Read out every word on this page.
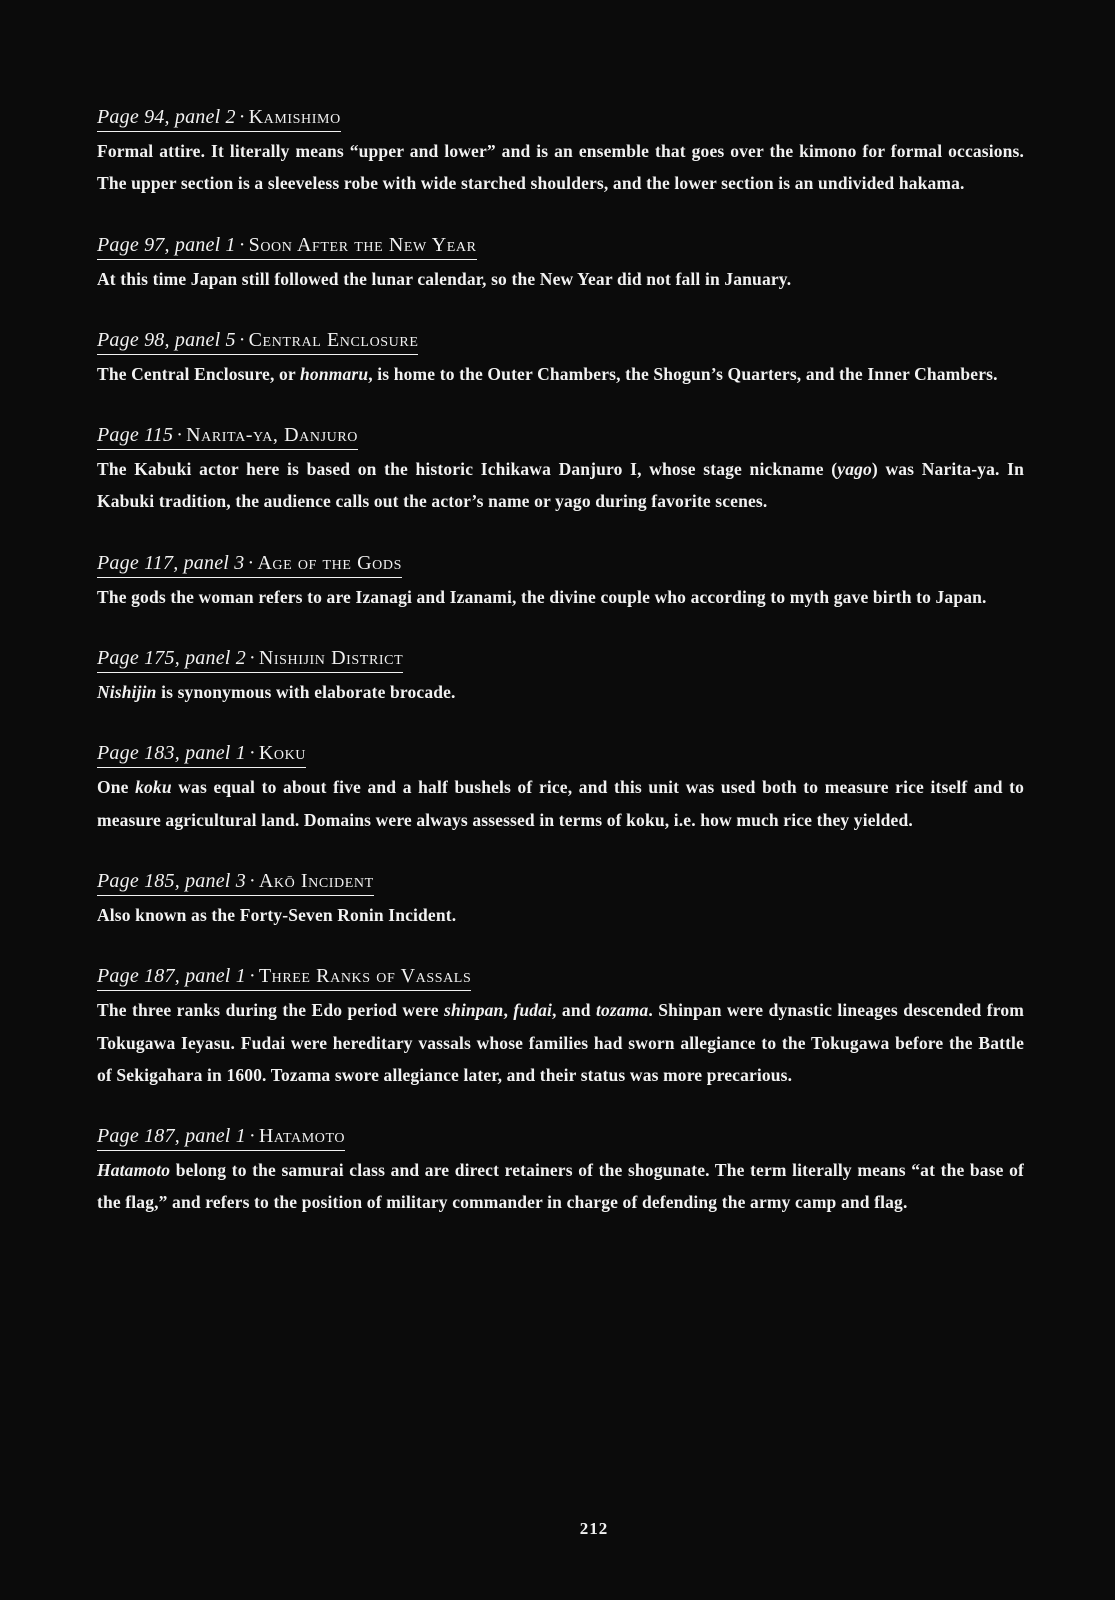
Page 94, panel 2 · Kamishimo

Formal attire. It literally means “upper and lower” and is an ensemble that goes over the kimono for formal occasions. The upper section is a sleeveless robe with wide starched shoulders, and the lower section is an undivided hakama.

Page 97, panel 1 · Soon After the New Year

At this time Japan still followed the lunar calendar, so the New Year did not fall in January.

Page 98, panel 5 · Central Enclosure

The Central Enclosure, or honmaru, is home to the Outer Chambers, the Shogun’s Quarters, and the Inner Chambers.

Page 115 · Narita-ya, Danjuro

The Kabuki actor here is based on the historic Ichikawa Danjuro I, whose stage nickname (yago) was Narita-ya. In Kabuki tradition, the audience calls out the actor’s name or yago during favorite scenes.

Page 117, panel 3 · Age of the Gods

The gods the woman refers to are Izanagi and Izanami, the divine couple who according to myth gave birth to Japan.

Page 175, panel 2 · Nishijin District

Nishijin is synonymous with elaborate brocade.

Page 183, panel 1 · Koku

One koku was equal to about five and a half bushels of rice, and this unit was used both to measure rice itself and to measure agricultural land. Domains were always assessed in terms of koku, i.e. how much rice they yielded.

Page 185, panel 3 · Akō Incident

Also known as the Forty-Seven Ronin Incident.

Page 187, panel 1 · Three Ranks of Vassals

The three ranks during the Edo period were shinpan, fudai, and tozama. Shinpan were dynastic lineages descended from Tokugawa Ieyasu. Fudai were hereditary vassals whose families had sworn allegiance to the Tokugawa before the Battle of Sekigahara in 1600. Tozama swore allegiance later, and their status was more precarious.

Page 187, panel 1 · Hatamoto

Hatamoto belong to the samurai class and are direct retainers of the shogunate. The term literally means “at the base of the flag,” and refers to the position of military commander in charge of defending the army camp and flag.

212
